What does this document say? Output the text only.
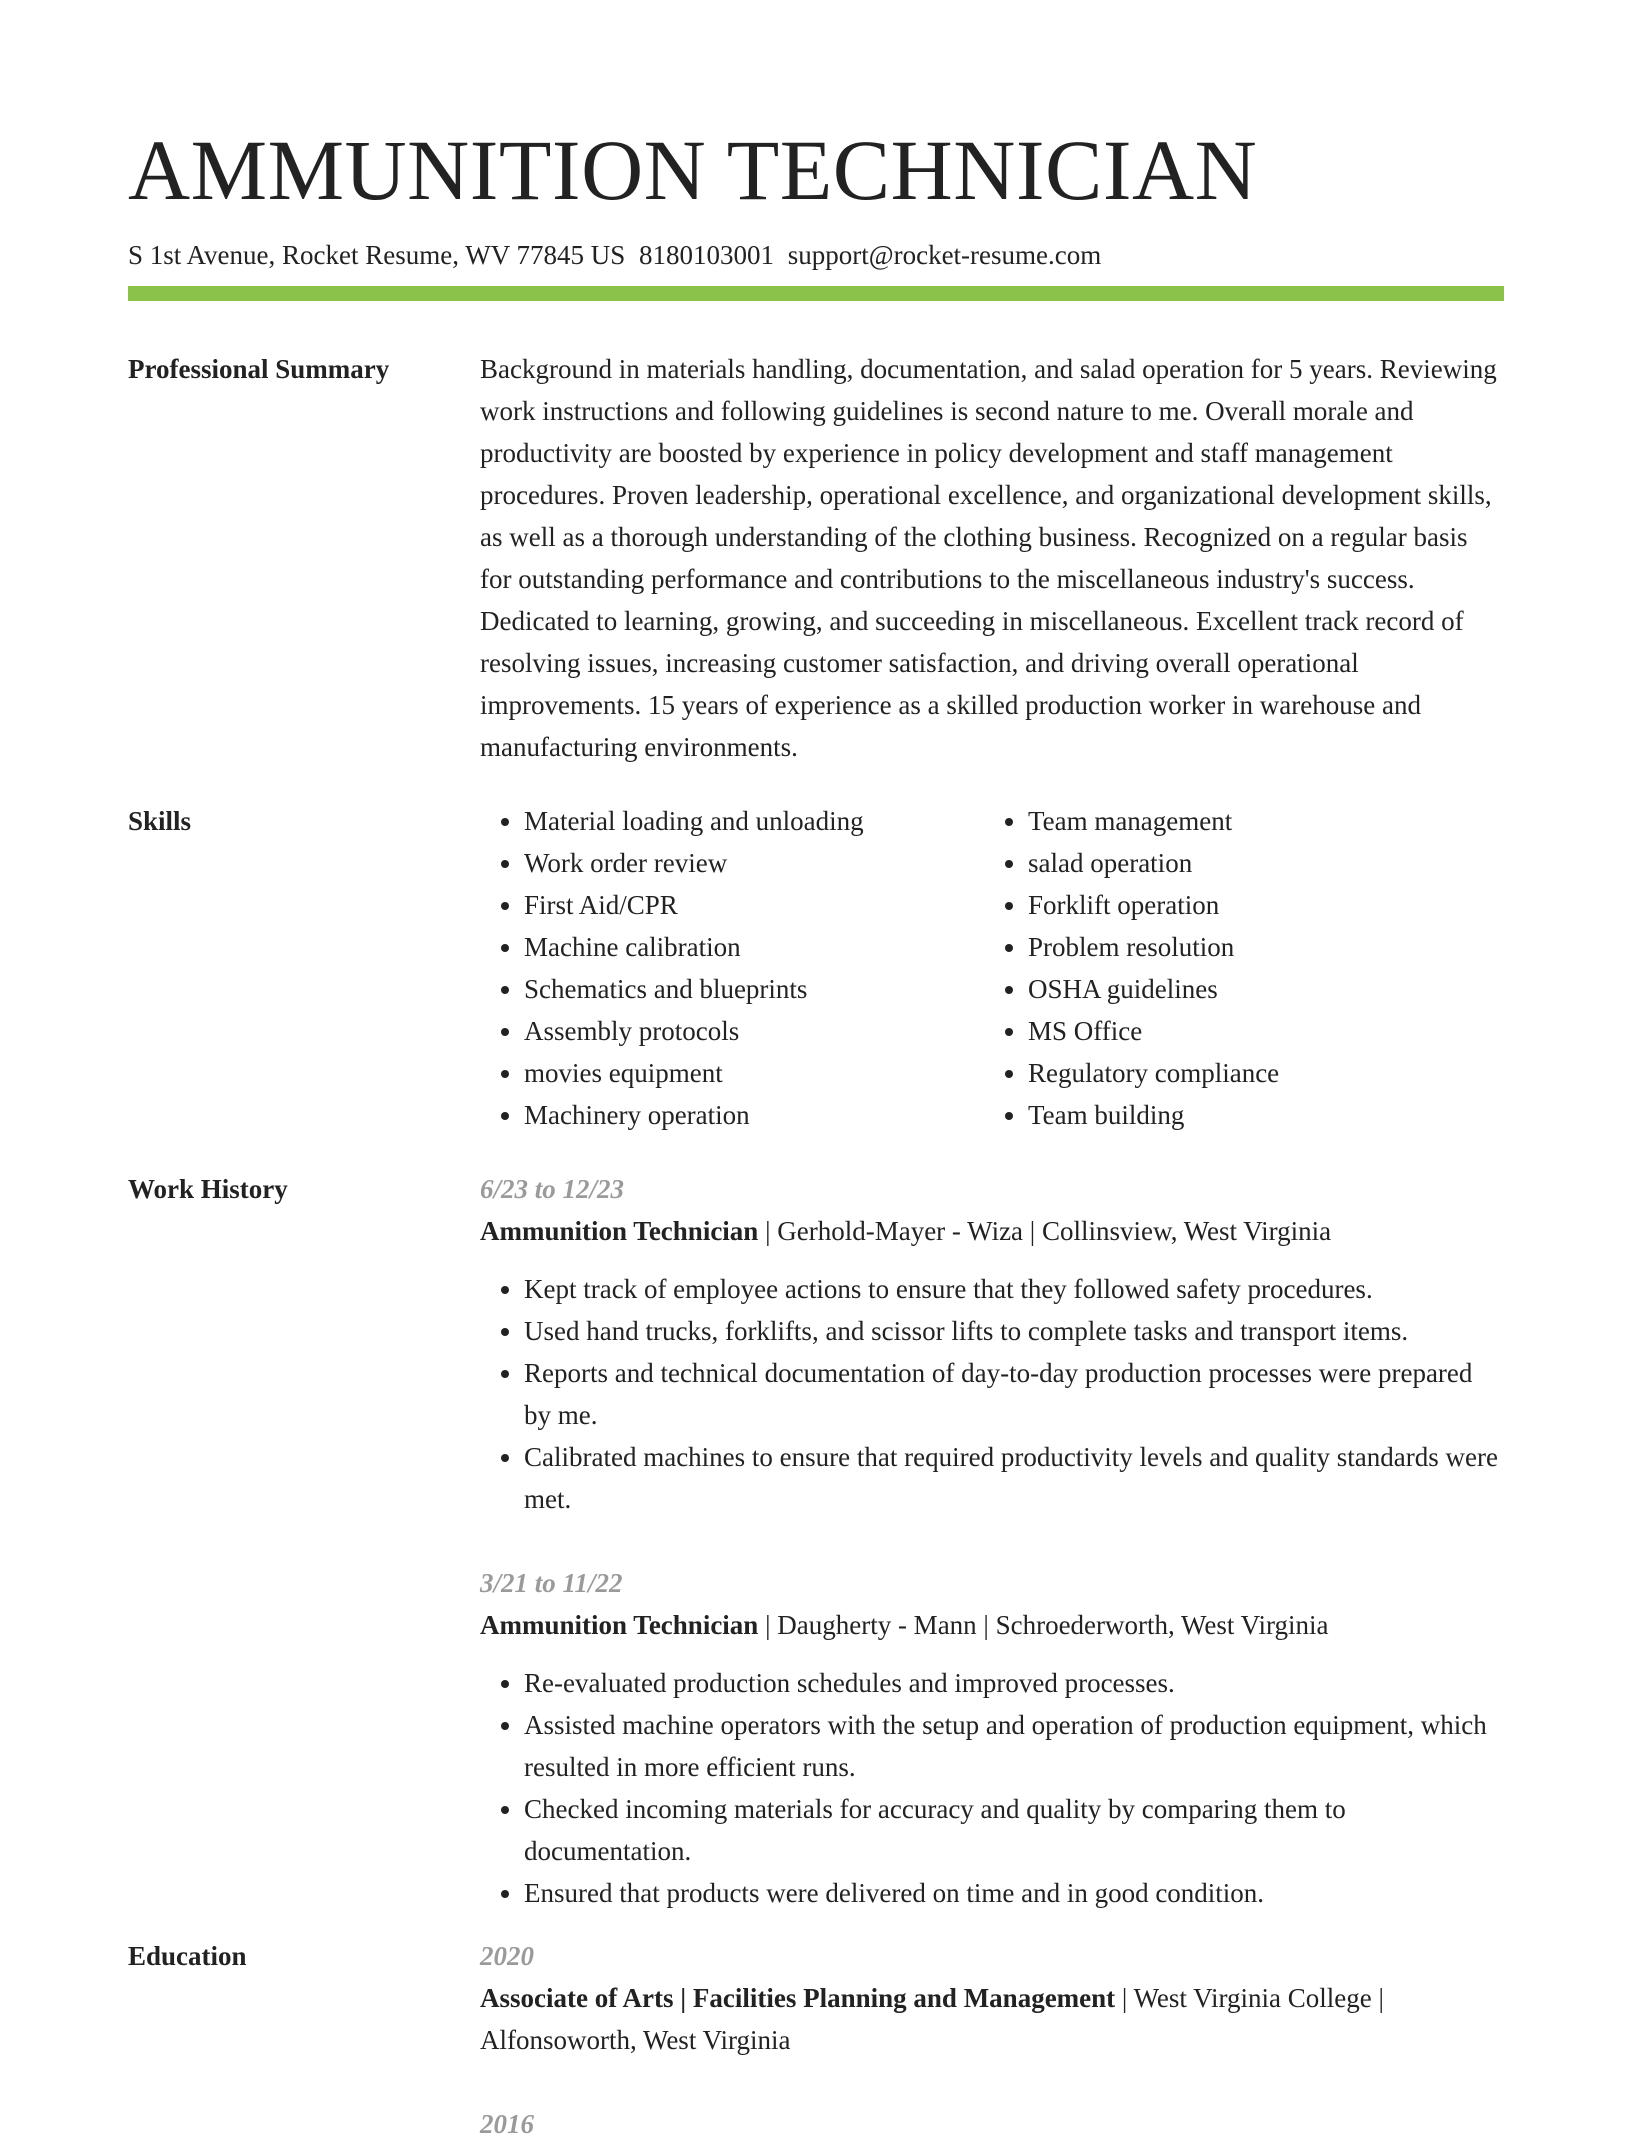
AMMUNITION TECHNICIAN
S 1st Avenue, Rocket Resume, WV 77845 US 8180103001 support@rocket-resume.com
Professional Summary	Background in materials handling, documentation, and salad operation for 5 years. Reviewing work instructions and following guidelines is second nature to me. Overall morale and productivity are boosted by experience in policy development and staff management procedures. Proven leadership, operational excellence, and organizational development skills, as well as a thorough understanding of the clothing business. Recognized on a regular basis for outstanding performance and contributions to the miscellaneous industry's success. Dedicated to learning, growing, and succeeding in miscellaneous. Excellent track record of resolving issues, increasing customer satisfaction, and driving overall operational improvements. 15 years of experience as a skilled production worker in warehouse and manufacturing environments.

Skills
•	Material loading and unloading
• Work order review
• First Aid/CPR
• Machine calibration
• Schematics and blueprints
• Assembly protocols
• movies equipment
• Machinery operation
• Team management
• salad operation
• Forklift operation
• Problem resolution
• OSHA guidelines
• MS Office
• Regulatory compliance
• Team building
Work History	6/23 to 12/23
Ammunition Technician | Gerhold-Mayer - Wiza | Collinsview, West Virginia
• Kept track of employee actions to ensure that they followed safety procedures.
• Used hand trucks, forklifts, and scissor lifts to complete tasks and transport items.
• Reports and technical documentation of day-to-day production processes were prepared by me.
• Calibrated machines to ensure that required productivity levels and quality standards were met.
3/21 to 11/22
Ammunition Technician | Daugherty - Mann | Schroederworth, West Virginia
• Re-evaluated production schedules and improved processes.
• Assisted machine operators with the setup and operation of production equipment, which resulted in more efficient runs.
• Checked incoming materials for accuracy and quality by comparing them to documentation.
• Ensured that products were delivered on time and in good condition.
Education	2020
Associate of Arts | Facilities Planning and Management | West Virginia College | Alfonsoworth, West Virginia
2016
